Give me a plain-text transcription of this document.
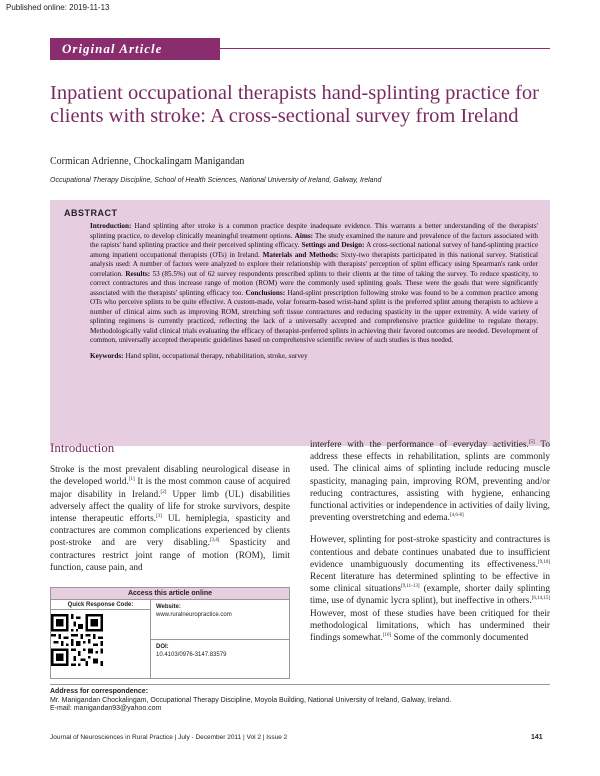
Published online: 2019-11-13
Original Article
Inpatient occupational therapists hand-splinting practice for clients with stroke: A cross-sectional survey from Ireland
Cormican Adrienne, Chockalingam Manigandan
Occupational Therapy Discipline, School of Health Sciences, National University of Ireland, Galway, Ireland
ABSTRACT

Introduction: Hand splinting after stroke is a common practice despite inadequate evidence. This warrants a better understanding of the therapists' splinting practice, to develop clinically meaningful treatment options. Aims: The study examined the nature and prevalence of the factors associated with the rapists' hand splinting practice and their perceived splinting efficacy. Settings and Design: A cross-sectional national survey of hand-splinting practice among inpatient occupational therapists (OTs) in Ireland. Materials and Methods: Sixty-two therapists participated in this national survey. Statistical analysis used: A number of factors were analyzed to explore their relationship with therapists' perception of splint efficacy using Spearman's rank order correlation. Results: 53 (85.5%) out of 62 survey respondents prescribed splints to their clients at the time of taking the survey. To reduce spasticity, to correct contractures and thus increase range of motion (ROM) were the commonly used splinting goals. These were the goals that were significantly associated with the therapists' splinting efficacy too. Conclusions: Hand-splint prescription following stroke was found to be a common practice among OTs who perceive splints to be quite effective. A custom-made, volar forearm-based wrist-hand splint is the preferred splint among therapists to achieve a number of clinical aims such as improving ROM, stretching soft tissue contractures and reducing spasticity in the upper extremity. A wide variety of splinting regimens is currently practiced, reflecting the lack of a universally accepted and comprehensive practice guideline to regulate therapy. Methodologically valid clinical trials evaluating the efficacy of therapist-preferred splints in achieving their favored outcomes are needed. Development of common, universally accepted therapeutic guidelines based on comprehensive scientific review of such studies is thus needed.

Keywords: Hand splint, occupational therapy, rehabilitation, stroke, survey

Introduction

Stroke is the most prevalent disabling neurological disease in the developed world.[1] It is the most common cause of acquired major disability in Ireland.[2] Upper limb (UL) disabilities adversely affect the quality of life for stroke survivors, despite intense therapeutic efforts.[3] UL hemiplegia, spasticity and contractures are common complications experienced by clients post-stroke and are very disabling.[3,4] Spasticity and contractures restrict joint range of motion (ROM), limit function, cause pain, and

interfere with the performance of everyday activities.[5] To address these effects in rehabilitation, splints are commonly used. The clinical aims of splinting include reducing muscle spasticity, managing pain, improving ROM, preventing and/or reducing contractures, assisting with hygiene, enhancing functional activities or independence in activities of daily living, preventing overstretching and edema.[4,6-8]

However, splinting for post-stroke spasticity and contractures is contentious and debate continues unabated due to insufficient evidence unambiguously documenting its effectiveness.[9,10] Recent literature has determined splinting to be effective in some clinical situations[9,11-13] (example, shorter daily splinting time, use of dynamic lycra splint), but ineffective in others.[6,14,15] However, most of these studies have been critiqued for their methodological limitations, which has undermined their findings somewhat.[16] Some of the commonly documented

Access this article online
Quick Response Code:	Website:
www.ruralneuropractice.com
DOI:
10.4103/0976-3147.83579
Address for correspondence:
Mr. Manigandan Chockalingam, Occupational Therapy Discipline, Moyola Building, National University of Ireland, Galway, Ireland.
E-mail: manigandan93@yahoo.com
Journal of Neurosciences in Rural Practice | July - December 2011 | Vol 2 | Issue 2	141
